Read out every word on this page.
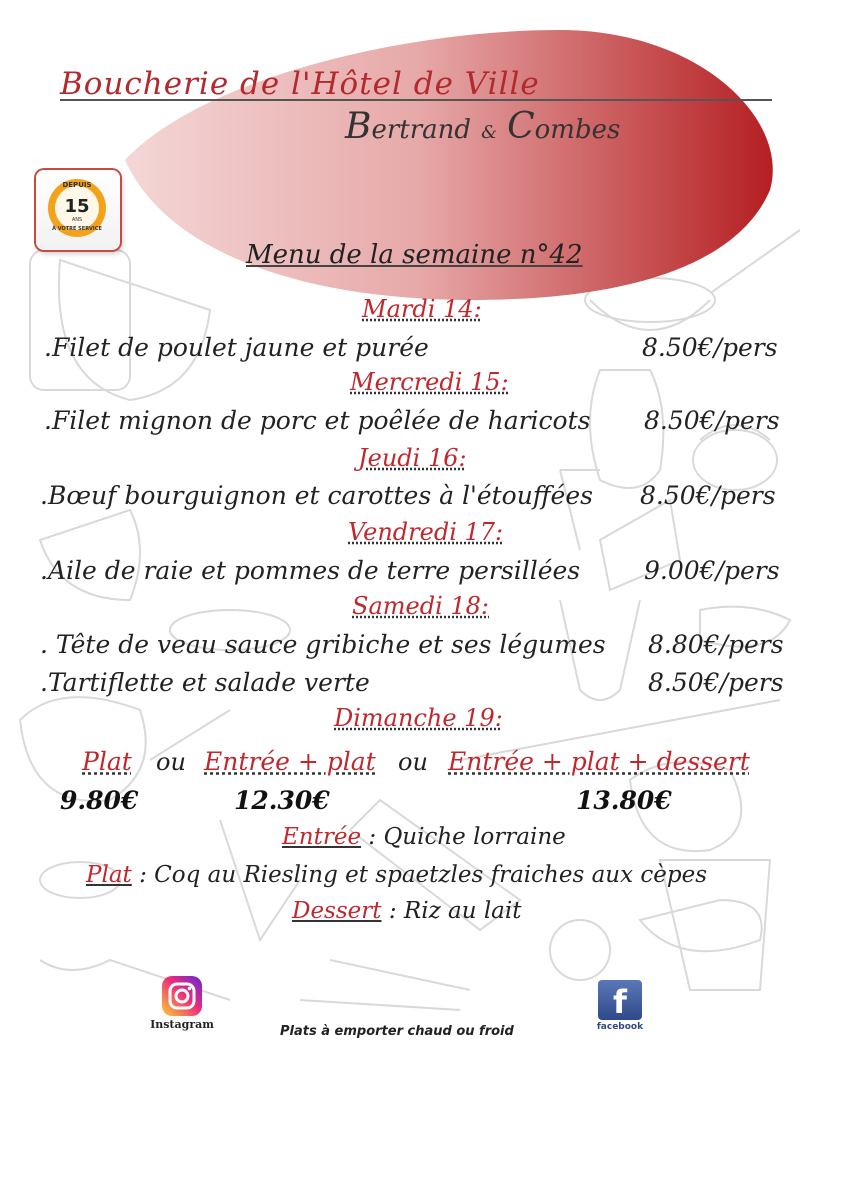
Boucherie de l'Hôtel de Ville
Bertrand & Combes
DEPUIS
15
ANS
À VOTRE SERVICE
Menu de la semaine n°42
Mardi 14:
.Filet de poulet jaune et purée	8.50€/pers
Mercredi 15:
.Filet mignon de porc et poêlée de haricots 8.50€/pers
Jeudi 16:
.Bœuf bourguignon et carottes à l'étouffées 8.50€/pers
Vendredi 17:
.Aile de raie et pommes de terre persillées	9.00€/pers
Samedi 18:
. Tête de veau sauce gribiche et ses légumes 8.80€/pers
.Tartiflette et salade verte	8.50€/pers
Dimanche 19:
Plat ou Entrée + plat ou Entrée + plat + dessert
9.80€	12.30€	13.80€
Entrée : Quiche lorraine
Plat : Coq au Riesling et spaetzles fraiches aux cèpes
Dessert : Riz au lait
Instagram	Plats à emporter chaud ou froid
f
facebook
